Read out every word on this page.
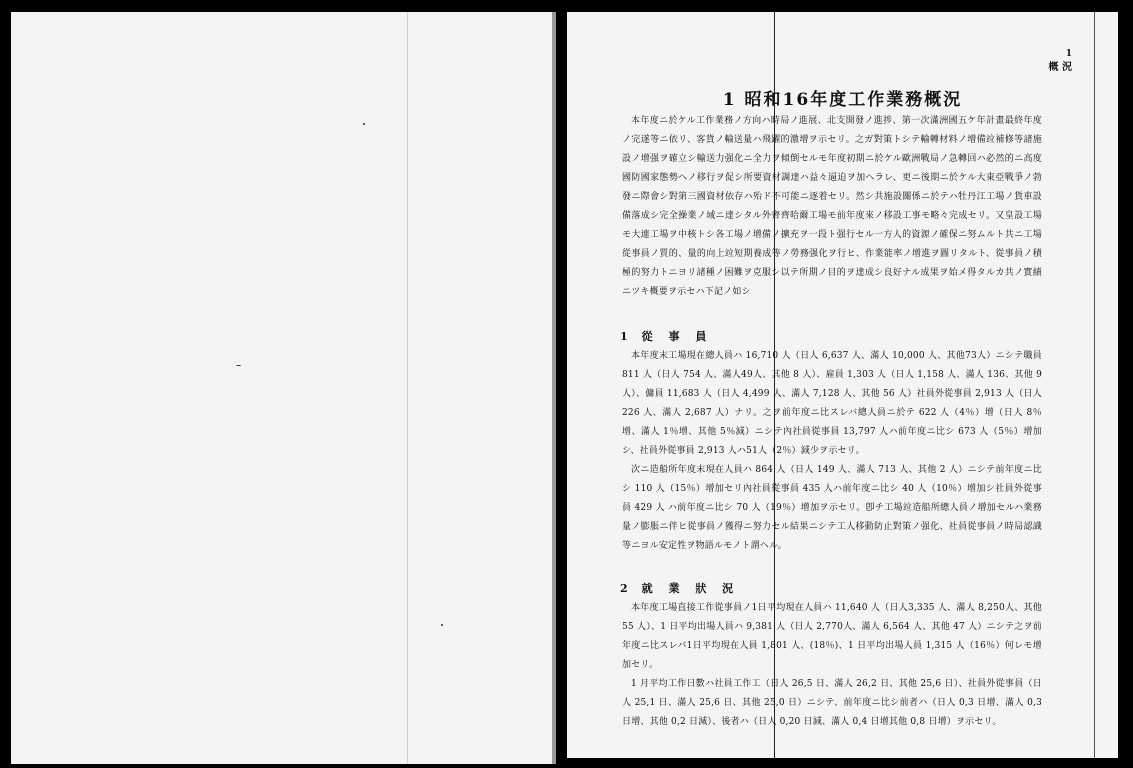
1
概 況
1 昭和16年度工作業務概況

本年度ニ於ケル工作業務ノ方向ハ時局ノ進展、北支開發ノ進捗、第一次滿洲國五ケ年計畫最終年度ノ完遂等ニ依リ、客貨ノ輸送量ハ飛躍的激增ヲ示セリ。之ガ對策トシテ輸轉材料ノ增備竝補修等諸施設ノ增强ヲ確立シ輸送力强化ニ全力ヲ傾倒セルモ年度初期ニ於ケル歐洲戰局ノ急轉回ハ必然的ニ高度國防國家態勢ヘノ移行ヲ促シ所要資材調達ハ益々逼迫ヲ加ヘラレ、更ニ後期ニ於ケル大東亞戰爭ノ勃發ニ際會シ對第三國資材依存ハ殆ド不可能ニ逐着セリ。然シ共施設關係ニ於テハ牡丹江工場ノ貨車設備落成シ完全操業ノ域ニ達シタル外齊齊哈爾工場モ前年度來ノ移設工事モ略々完成セリ。又皇設工場モ大連工場ヲ中核トシ各工場ノ增備ノ擴充ヲ一段ト强行セル一方人的資源ノ確保ニ努ムルト共ニ工場從事員ノ質的、量的向上竝短期養成等ノ勞務强化ヲ行ヒ、作業能率ノ增進ヲ圖リタルト、從事員ノ積極的努力トニヨリ諸種ノ困難ヲ克服シ以テ所期ノ目的ヲ達成シ良好ナル成果ヲ始メ得タルカ共ノ實績ニツキ概要ヲ示セハ下記ノ如シ

1 從 事 員

本年度末工場現在總人員ハ 16,710 人（日人 6,637 人、滿人 10,000 人、其他73人）ニシテ職員 811 人（日人 754 人、滿人49人、其他 8 人）、雇員 1,303 人（日人 1,158 人、滿人 136、其他 9 人）、傭員 11,683 人（日人 4,499 人、滿人 7,128 人、其他 56 人）社員外從事員 2,913 人（日人 226 人、滿人 2,687 人）ナリ。之ヲ前年度ニ比スレバ總人員ニ於テ 622 人（4％）增（日人 8％增、滿人 1％增、其他 5％減）ニシテ內社員從事員 13,797 人ハ前年度ニ比シ 673 人（5％）增加シ、社員外從事員 2,913 人ハ51人（2％）減少ヲ示セリ。

次ニ造船所年度末現在人員ハ 864 人（日人 149 人、滿人 713 人、其他 2 人）ニシテ前年度ニ比シ 110 人（15％）增加セリ內社員從事員 435 人ハ前年度ニ比シ 40 人（10％）增加シ社員外從事員 429 人 ハ前年度ニ比シ 70 人（19％）增加ヲ示セリ。卽チ工場竝造船所總人員ノ增加セルハ業務量ノ膨脹ニ伴ヒ從事員ノ獲得ニ努力セル結果ニシテ工人移動防止對策ノ强化、社員從事員ノ時局認識等ニヨル安定性ヲ物語ルモノト謂ヘル。

2 就 業 狀 況

本年度工場直接工作從事員ノ1日平均現在人員ハ 11,640 人（日人3,335 人、滿人 8,250人、其他 55 人）、1 日平均出場人員ハ 9,381 人（日人 2,770人、滿人 6,564 人、其他 47 人）ニシテ之ヲ前年度ニ比スレバ1日平均現在人員 1,801 人、(18％)、1 日平均出場人員 1,315 人（16％）何レモ增加セリ。

1 月平均工作日數ハ社員工作工（日人 26,5 日、滿人 26,2 日、其他 25,6 日）、社員外從事員（日人 25,1 日、滿人 25,6 日、其他 25,0 日）ニシテ、前年度ニ比シ前者ハ（日人 0,3 日增、滿人 0,3 日增、其他 0,2 日減）、後者ハ（日人 0,20 日減、滿人 0,4 日增其他 0,8 日增）ヲ示セリ。
